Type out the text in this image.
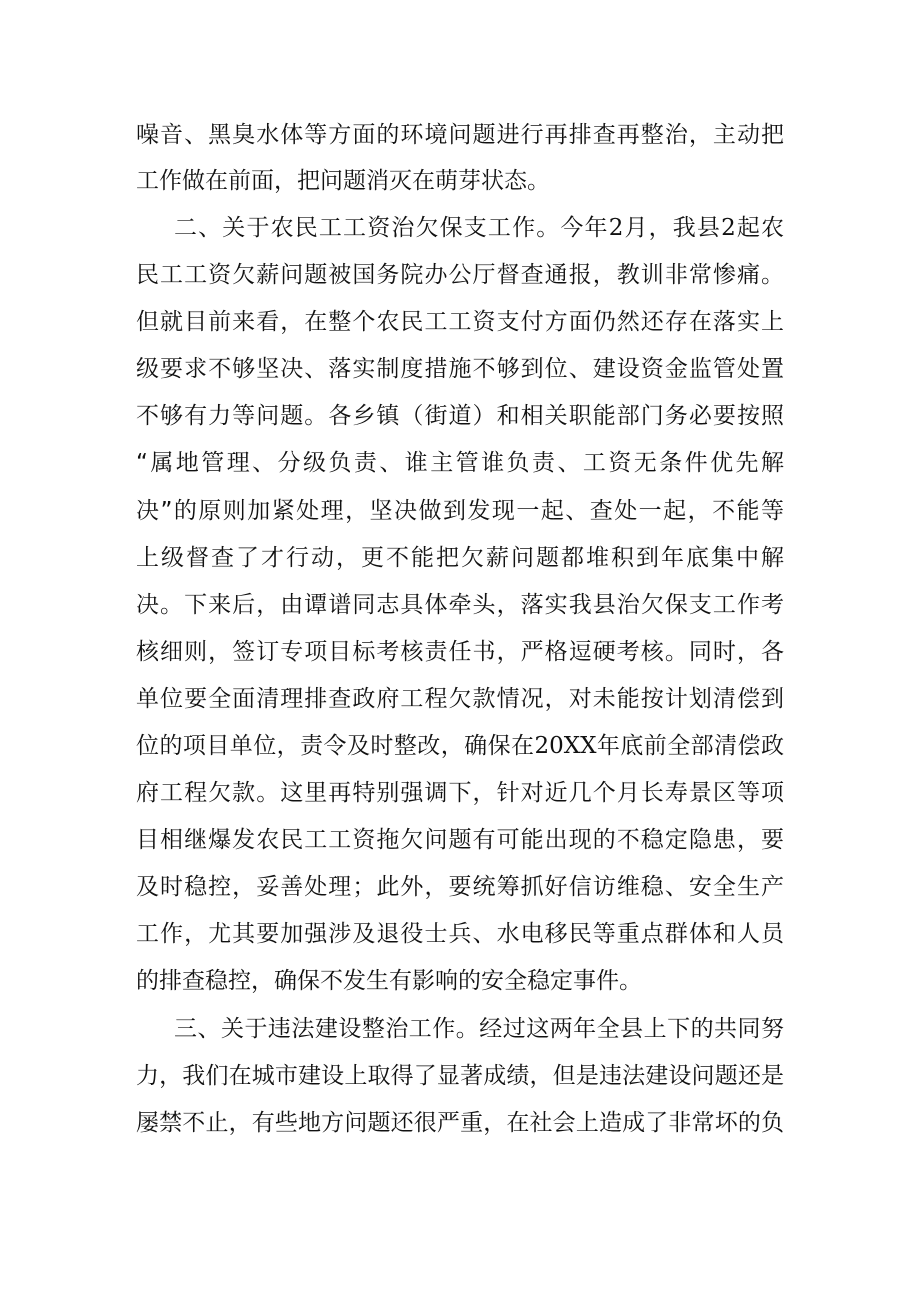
噪音、黑臭水体等方面的环境问题进行再排查再整治，主动把
工作做在前面，把问题消灭在萌芽状态。
二、关于农民工工资治欠保支工作。今年2月，我县2起农
民工工资欠薪问题被国务院办公厅督查通报，教训非常惨痛。
但就目前来看，在整个农民工工资支付方面仍然还存在落实上
级要求不够坚决、落实制度措施不够到位、建设资金监管处置
不够有力等问题。各乡镇（街道）和相关职能部门务必要按照
“属地管理、分级负责、谁主管谁负责、工资无条件优先解
决”的原则加紧处理，坚决做到发现一起、查处一起，不能等
上级督查了才行动，更不能把欠薪问题都堆积到年底集中解
决。下来后，由谭谱同志具体牵头，落实我县治欠保支工作考
核细则，签订专项目标考核责任书，严格逗硬考核。同时，各
单位要全面清理排查政府工程欠款情况，对未能按计划清偿到
位的项目单位，责令及时整改，确保在20XX年底前全部清偿政
府工程欠款。这里再特别强调下，针对近几个月长寿景区等项
目相继爆发农民工工资拖欠问题有可能出现的不稳定隐患，要
及时稳控，妥善处理；此外，要统筹抓好信访维稳、安全生产
工作，尤其要加强涉及退役士兵、水电移民等重点群体和人员
的排查稳控，确保不发生有影响的安全稳定事件。
三、关于违法建设整治工作。经过这两年全县上下的共同努
力，我们在城市建设上取得了显著成绩，但是违法建设问题还是
屡禁不止，有些地方问题还很严重，在社会上造成了非常坏的负
